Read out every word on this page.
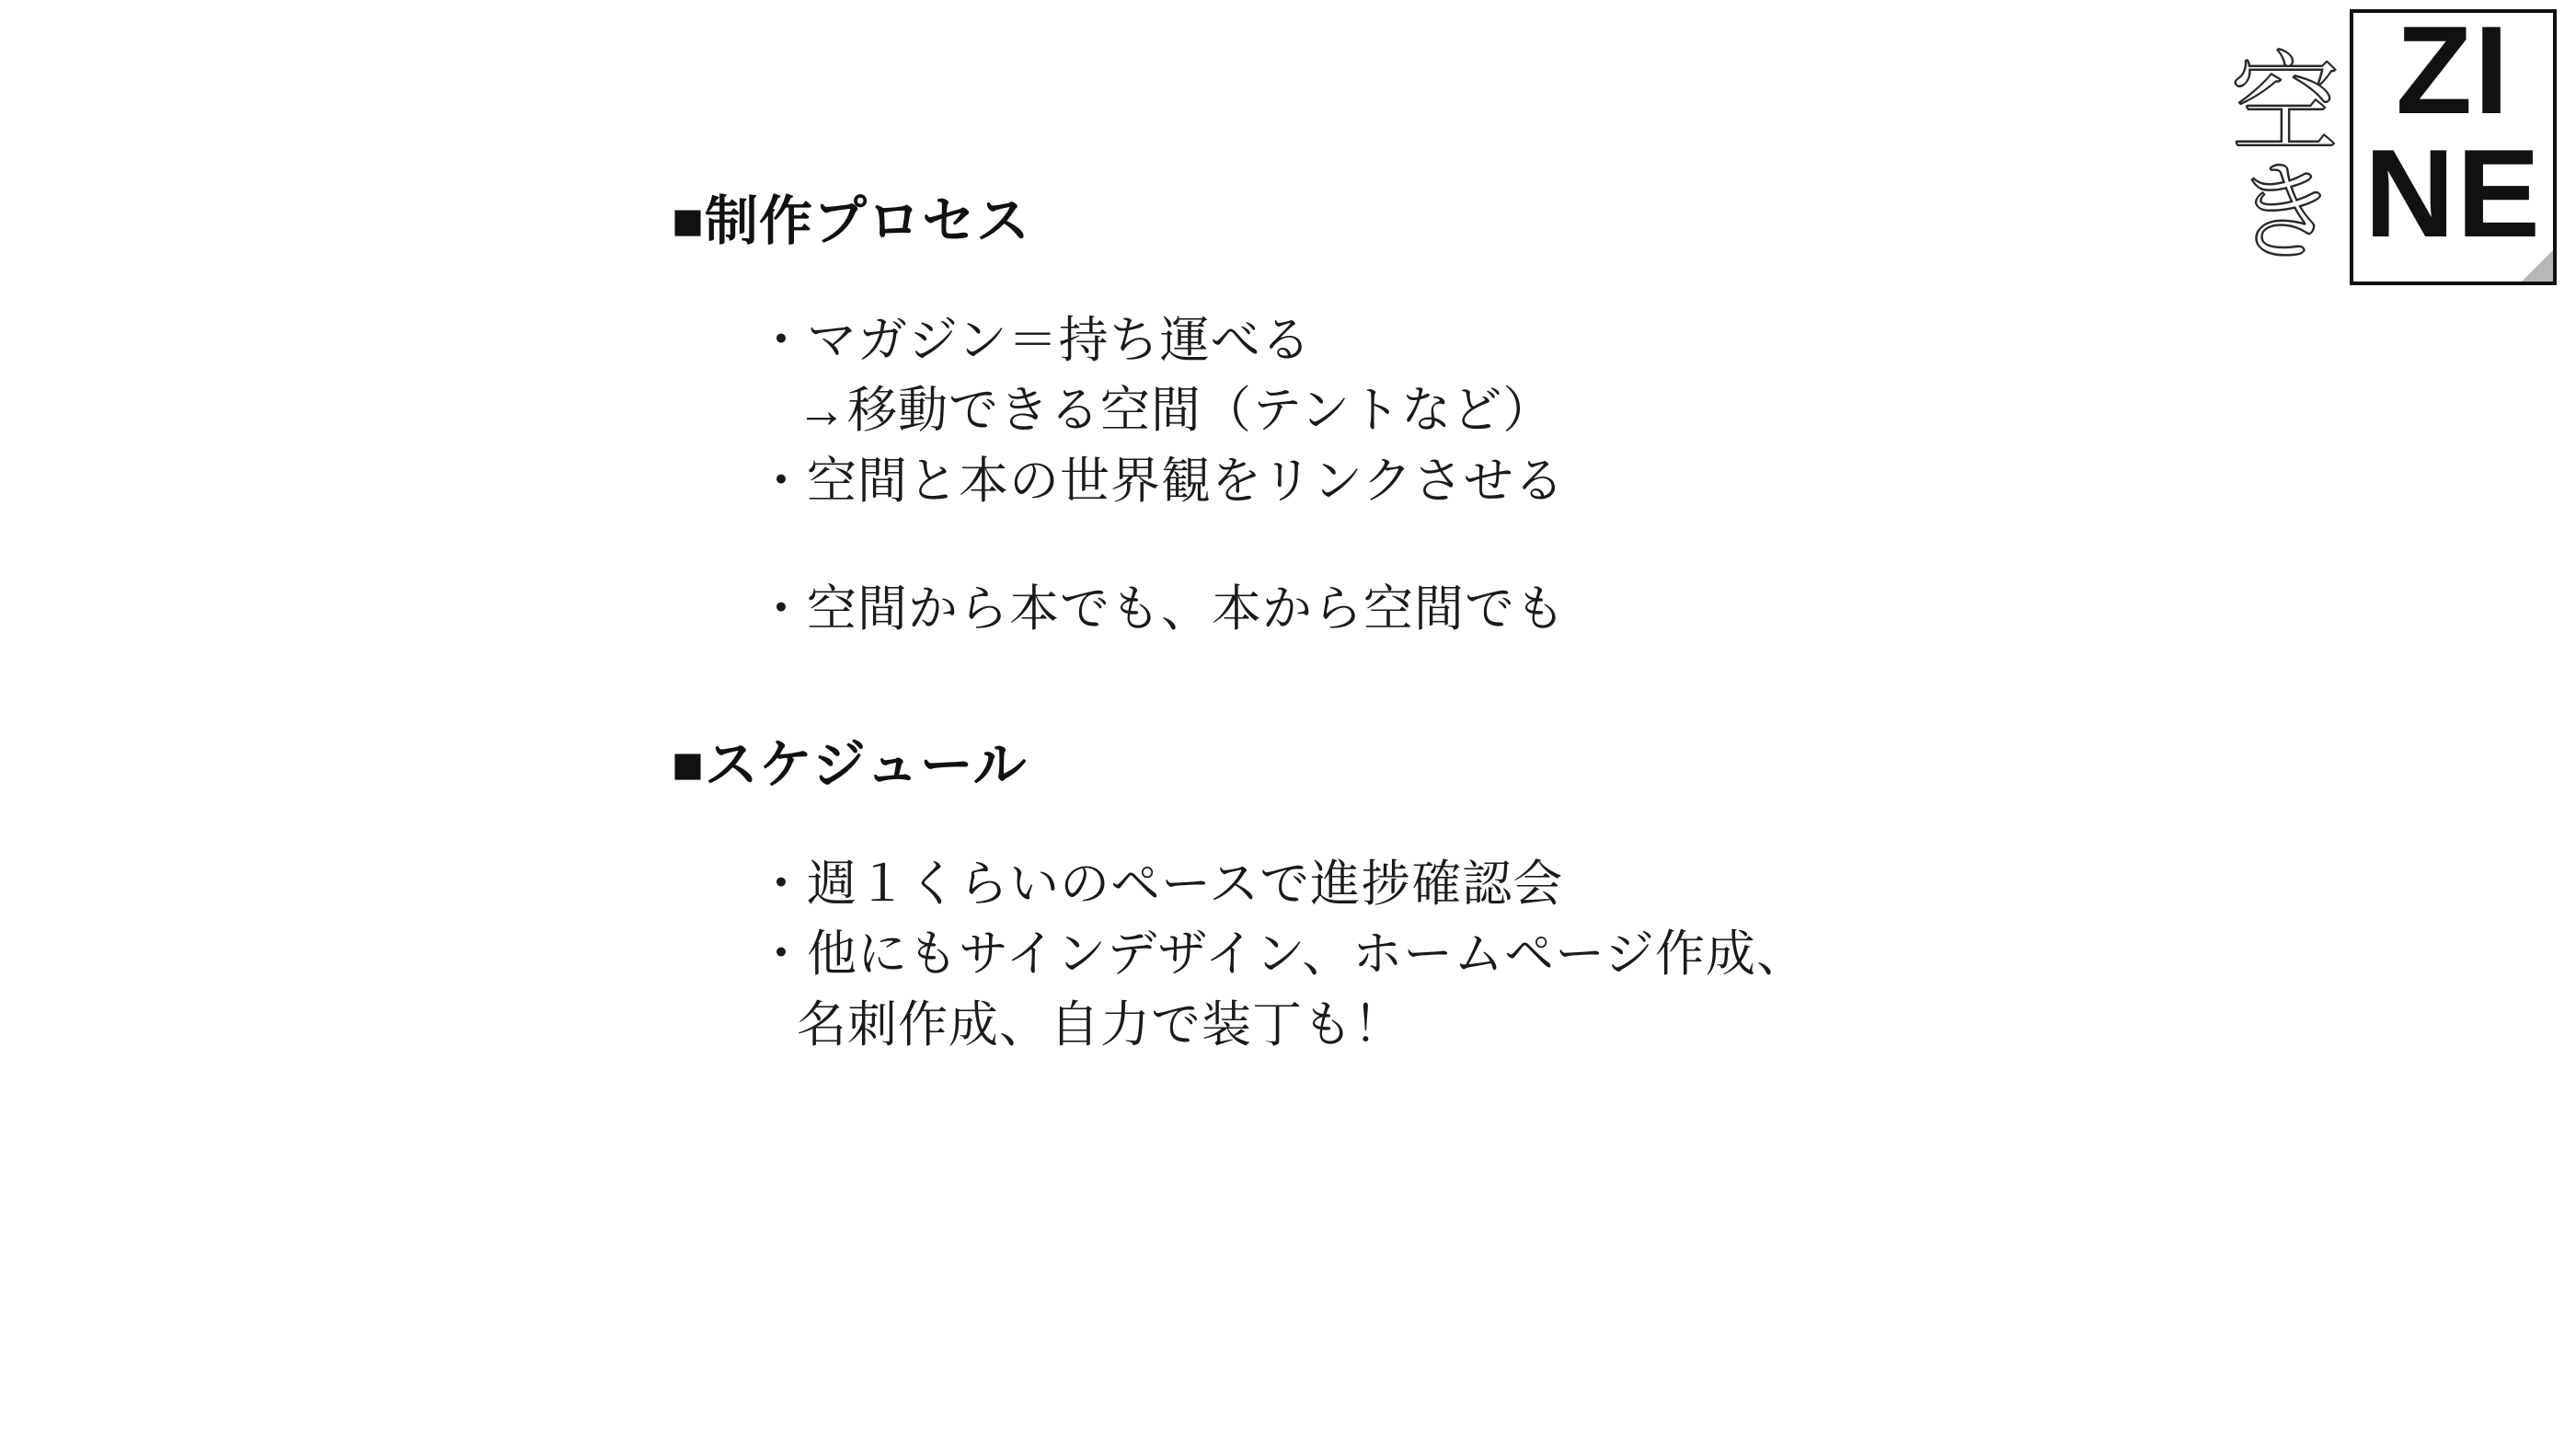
空き ZI
NE
■制作プロセス
・マガジン＝持ち運べる
→移動できる空間（テントなど）
・空間と本の世界観をリンクさせる
・空間から本でも、本から空間でも
■スケジュール
・週１くらいのペースで進捗確認会
・他にもサインデザイン、ホームページ作成、
名刺作成、自力で装丁も！
